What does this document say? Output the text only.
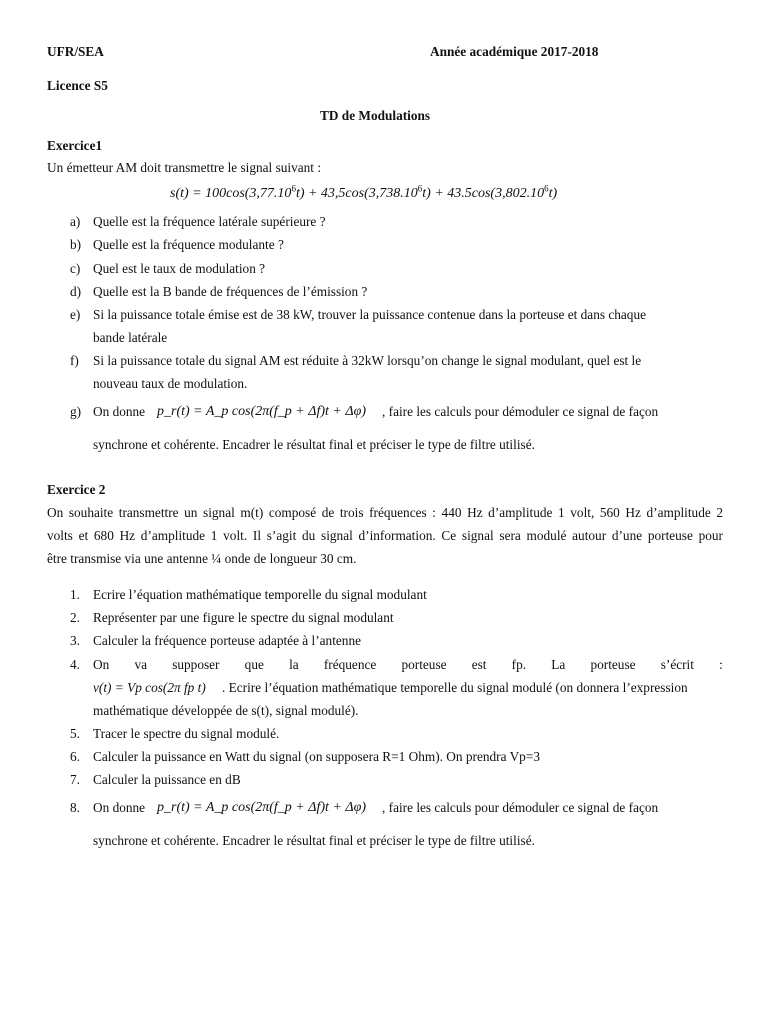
UFR/SEA	Année académique 2017-2018
Licence S5
TD de Modulations
Exercice1
Un émetteur AM doit transmettre le signal suivant :
$s(t) = 100\cos(3,77.10^6t) + 43,5\cos(3,738.10^6t) + 43.5\cos(3,802.10^6t)$
a) Quelle est la fréquence latérale supérieure ?
b) Quelle est la fréquence modulante ?
c) Quel est le taux de modulation ?
d) Quelle est la B bande de fréquences de l’émission ?
e) Si la puissance totale émise est de 38 kW, trouver la puissance contenue dans la porteuse et dans chaque
bande latérale
f) Si la puissance totale du signal AM est réduite à 32kW lorsqu’on change le signal modulant, quel est le
nouveau taux de modulation.
g) On donne p_r(t) = A_p cos(2π(f_p + Δf)t + Δφ) , faire les calculs pour démoduler ce signal de façon
synchrone et cohérente. Encadrer le résultat final et préciser le type de filtre utilisé.
Exercice 2
On souhaite transmettre un signal m(t) composé de trois fréquences : 440 Hz d’amplitude 1 volt, 560 Hz d’amplitude 2
volts et 680 Hz d’amplitude 1 volt. Il s’agit du signal d’information. Ce signal sera modulé autour d’une porteuse pour
être transmise via une antenne ¼ onde de longueur 30 cm.
1. Ecrire l’équation mathématique temporelle du signal modulant
2. Représenter par une figure le spectre du signal modulant
3. Calculer la fréquence porteuse adaptée à l’antenne
4. On va supposer que la fréquence porteuse est fp. La porteuse s’écrit :
v(t) = Vp cos(2π fp t) . Ecrire l’équation mathématique temporelle du signal modulé (on donnera l’expression
mathématique développée de s(t), signal modulé).
5. Tracer le spectre du signal modulé.
6. Calculer la puissance en Watt du signal (on supposera R=1 Ohm). On prendra Vp=3
7. Calculer la puissance en dB
8. On donne p_r(t) = A_p cos(2π(f_p + Δf)t + Δφ) , faire les calculs pour démoduler ce signal de façon
synchrone et cohérente. Encadrer le résultat final et préciser le type de filtre utilisé.
